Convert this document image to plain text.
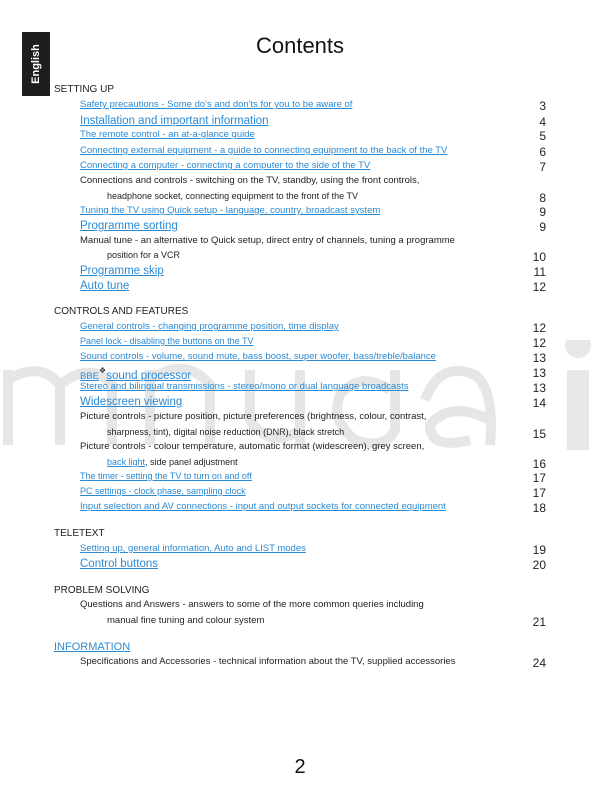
English	Contents
SETTING UP
Safety precautions - Some do's and don'ts for you to be aware of	3
Installation and important information	4
The remote control - an at-a-glance guide	5
Connecting external equipment - a guide to connecting equipment to the back of the TV	6
Connecting a computer - connecting a computer to the side of the TV	7
Connections and controls - switching on the TV, standby, using the front controls,
headphone socket, connecting equipment to the front of the TV	8
Tuning the TV using Quick setup - language, country, broadcast system	9
Programme sorting	9
Manual tune - an alternative to Quick setup, direct entry of channels, tuning a programme
position for a VCR	10
Programme skip	11
Auto tune	12
CONTROLS AND FEATURES
General controls - changing programme position, time display	12
Panel lock - disabling the buttons on the TV	12
Sound controls - volume, sound mute, bass boost, super woofer, bass/treble/balance	13
BBE❖sound processor	13
Stereo and bilingual transmissions - stereo/mono or dual language broadcasts	13
Widescreen viewing	14
Picture controls - picture position, picture preferences (brightness, colour, contrast,
sharpness, tint), digital noise reduction (DNR), black stretch	15
Picture controls - colour temperature, automatic format (widescreen), grey screen,
back light, side panel adjustment	16
The timer - setting the TV to turn on and off	17
PC settings - clock phase, sampling clock	17
Input selection and AV connections - input and output sockets for connected equipment	18
TELETEXT
Setting up, general information, Auto and LIST modes	19
Control buttons	20
PROBLEM SOLVING
Questions and Answers - answers to some of the more common queries including
manual fine tuning and colour system	21
INFORMATION
Specifications and Accessories - technical information about the TV, supplied accessories	24
2
